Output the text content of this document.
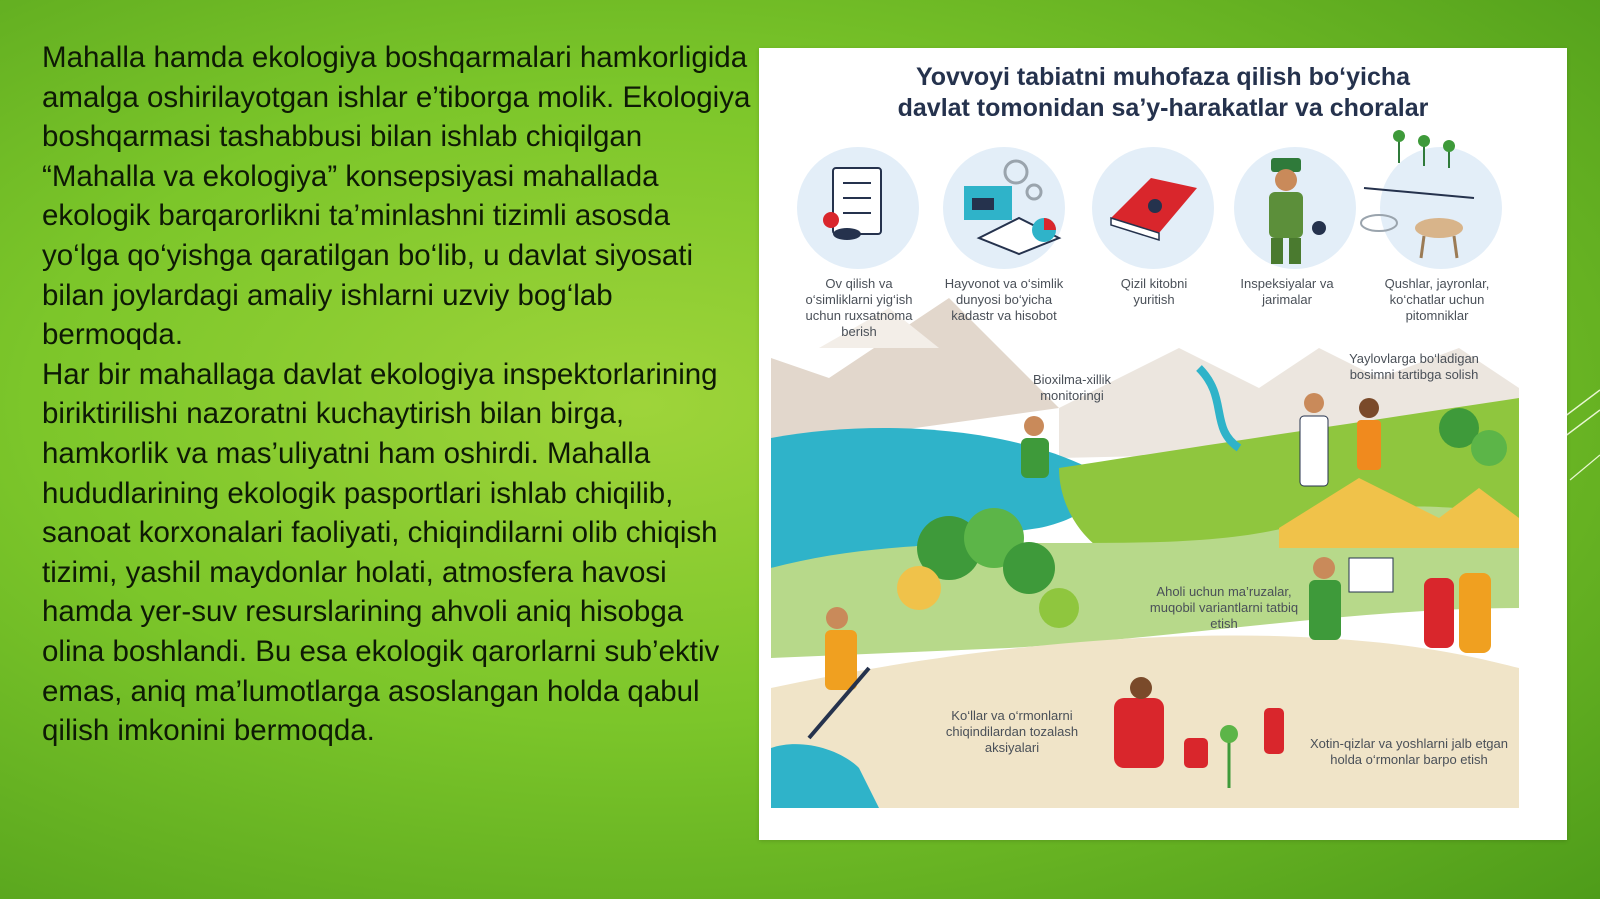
Mahalla hamda ekologiya boshqarmalari hamkorligida amalga oshirilayotgan ishlar e’tiborga molik. Ekologiya boshqarmasi tashabbusi bilan ishlab chiqilgan “Mahalla va ekologiya” konsepsiyasi mahallada ekologik barqarorlikni ta’minlashni tizimli asosda yo‘lga qo‘yishga qaratilgan bo‘lib, u davlat siyosati bilan joylardagi amaliy ishlarni uzviy bog‘lab bermoqda.

Har bir mahallaga davlat ekologiya inspektorlarining biriktirilishi nazoratni kuchaytirish bilan birga, hamkorlik va mas’uliyatni ham oshirdi. Mahalla hududlarining ekologik pasportlari ishlab chiqilib, sanoat korxonalari faoliyati, chiqindilarni olib chiqish tizimi, yashil maydonlar holati, atmosfera havosi hamda yer-suv resurslarining ahvoli aniq hisobga olina boshlandi. Bu esa ekologik qarorlarni sub’ektiv emas, aniq ma’lumotlarga asoslangan holda qabul qilish imkonini bermoqda.

Yovvoyi tabiatni muhofaza qilish bo‘yicha
davlat tomonidan sa’y-harakatlar va choralar
Ov qilish va o‘simliklarni yig‘ish uchun ruxsatnoma berish
Hayvonot va o‘simlik dunyosi bo‘yicha kadastr va hisobot
Qizil kitobni yuritish
Inspeksiyalar va jarimalar
Qushlar, jayronlar, ko‘chatlar uchun pitomniklar
Bioxilma-xillik monitoringi
Yaylovlarga bo‘ladigan bosimni tartibga solish
Aholi uchun ma’ruzalar, muqobil variantlarni tatbiq etish
Ko‘llar va o‘rmonlarni chiqindilardan tozalash aksiyalari	Xotin-qizlar va yoshlarni jalb etgan holda o‘rmonlar barpo etish
